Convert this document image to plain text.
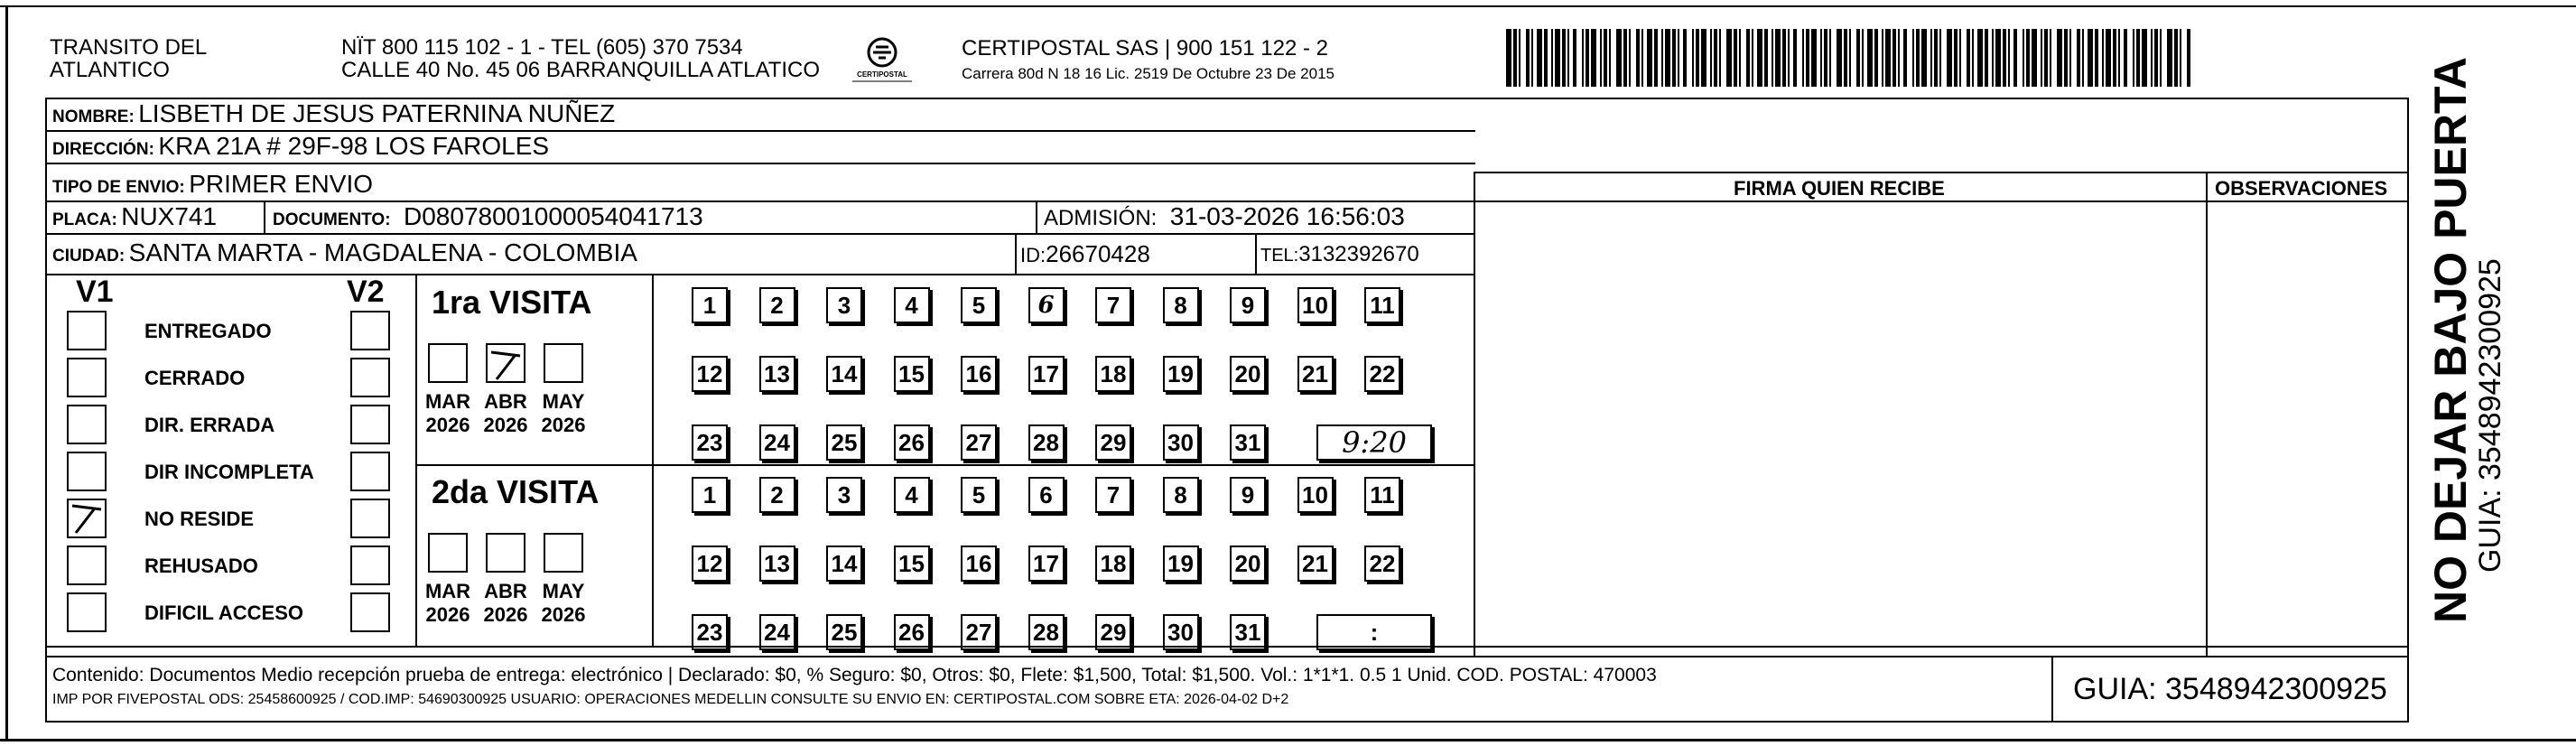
TRANSITO DEL
ATLANTICO
NÏT 800 115 102 - 1 - TEL (605) 370 7534
CALLE 40 No. 45 06 BARRANQUILLA ATLATICO	CERTIPOSTAL
CERTIPOSTAL SAS | 900 151 122 - 2
Carrera 80d N 18 16 Lic. 2519 De Octubre 23 De 2015
NOMBRE: LISBETH DE JESUS PATERNINA NUÑEZ
DIRECCIÓN: KRA 21A # 29F-98 LOS FAROLES
TIPO DE ENVIO: PRIMER ENVIO	FIRMA QUIEN RECIBE	OBSERVACIONES
PLACA: NUX741	DOCUMENTO: D08078001000054041713	ADMISIÓN: 31-03-2026 16:56:03
CIUDAD: SANTA MARTA - MAGDALENA - COLOMBIA	ID:26670428	TEL:3132392670
V1	V2
ENTREGADO
CERRADO
DIR. ERRADA
DIR INCOMPLETA
NO RESIDE
REHUSADO
DIFICIL ACCESO
1ra VISITA
2da VISITA
MAR
2026
ABR
2026
MAY
2026
MAR
2026
ABR
2026
MAY
2026
1	2	3	4	5	6	7	8	9	10 11
12 13 14 15 16 17 18 19 20 21 22
23 24 25 26 27 28 29 30 31	9:20
1	2	3	4	5	6	7	8	9	10 11
12 13 14 15 16 17 18 19 20 21 22
23 24 25 26 27 28 29 30 31	:
Contenido: Documentos Medio recepción prueba de entrega: electrónico | Declarado: $0, % Seguro: $0, Otros: $0, Flete: $1,500, Total: $1,500. Vol.: 1*1*1. 0.5 1 Unid. COD. POSTAL: 470003
IMP POR FIVEPOSTAL ODS: 25458600925 / COD.IMP: 54690300925 USUARIO: OPERACIONES MEDELLIN CONSULTE SU ENVIO EN: CERTIPOSTAL.COM SOBRE ETA: 2026-04-02 D+2	GUIA: 3548942300925
NO DEJAR BAJO PUERTA
GUIA: 3548942300925
